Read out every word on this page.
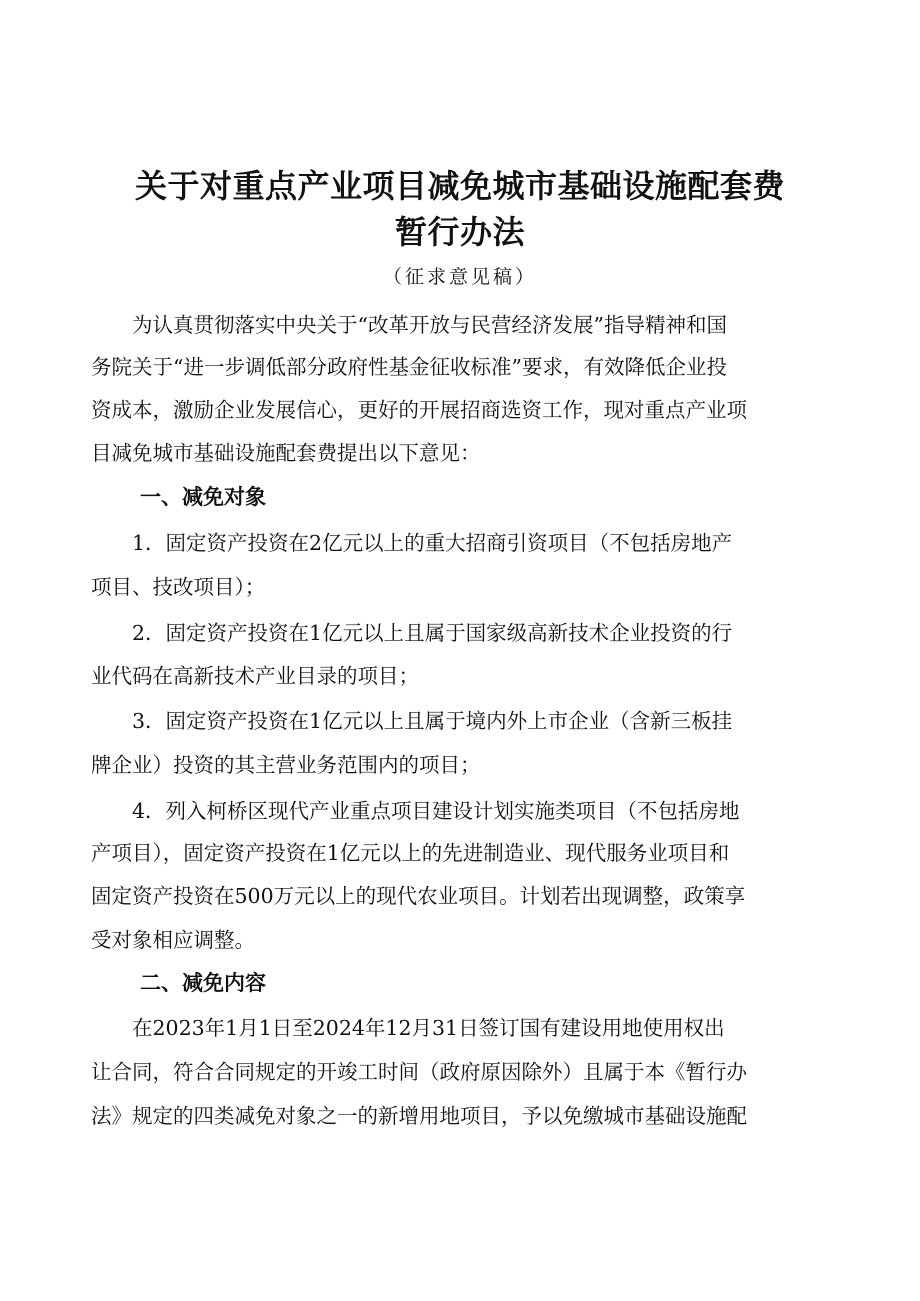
关于对重点产业项目减免城市基础设施配套费
暂行办法
（征求意见稿）
　　为认真贯彻落实中央关于“改革开放与民营经济发展”指导精神和国
务院关于“进一步调低部分政府性基金征收标准”要求，有效降低企业投
资成本，激励企业发展信心，更好的开展招商选资工作，现对重点产业项
目减免城市基础设施配套费提出以下意见：
一、减免对象
　　1．固定资产投资在2亿元以上的重大招商引资项目（不包括房地产
项目、技改项目）；
　　2．固定资产投资在1亿元以上且属于国家级高新技术企业投资的行
业代码在高新技术产业目录的项目；
　　3．固定资产投资在1亿元以上且属于境内外上市企业（含新三板挂
牌企业）投资的其主营业务范围内的项目；
　　4．列入柯桥区现代产业重点项目建设计划实施类项目（不包括房地
产项目），固定资产投资在1亿元以上的先进制造业、现代服务业项目和
固定资产投资在500万元以上的现代农业项目。计划若出现调整，政策享
受对象相应调整。
二、减免内容
　　在2023年1月1日至2024年12月31日签订国有建设用地使用权出
让合同，符合合同规定的开竣工时间（政府原因除外）且属于本《暂行办
法》规定的四类减免对象之一的新增用地项目，予以免缴城市基础设施配
